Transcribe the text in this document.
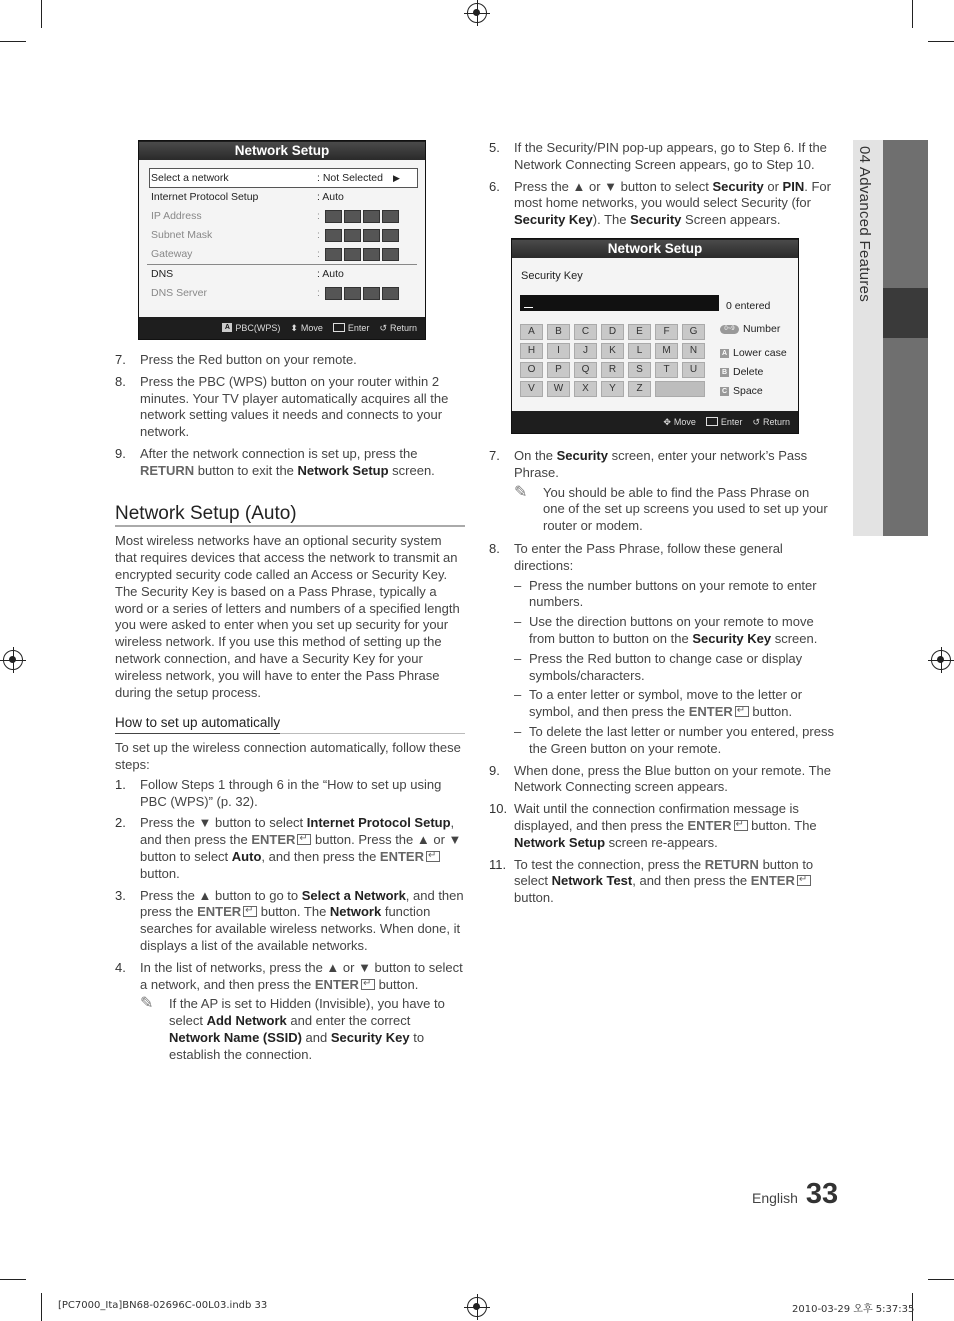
04 Advanced Features
Network Setup
Select a network	: Not Selected ▶
Internet Protocol Setup	: Auto
IP Address	:
Subnet Mask	:
Gateway	:
DNS	: Auto
DNS Server	:
A PBC(WPS) ⬍ Move	Enter ↺ Return
7. Press the Red button on your remote.
8. Press the PBC (WPS) button on your router within 2 minutes. Your TV player automatically acquires all the network setting values it needs and connects to your network.
9. After the network connection is set up, press the RETURN button to exit the Network Setup screen.
Network Setup (Auto)

Most wireless networks have an optional security system that requires devices that access the network to transmit an encrypted security code called an Access or Security Key. The Security Key is based on a Pass Phrase, typically a word or a series of letters and numbers of a specified length you were asked to enter when you set up security for your wireless network. If you use this method of setting up the network connection, and have a Security Key for your wireless network, you will have to enter the Pass Phrase during the setup process.

How to set up automatically

To set up the wireless connection automatically, follow these steps:

1. Follow Steps 1 through 6 in the “How to set up using PBC (WPS)” (p. 32).
2. Press the ▼ button to select Internet Protocol Setup, and then press the ENTER↵ button. Press the ▲ or ▼ button to select Auto, and then press the ENTER↵ button.
3. Press the ▲ button to go to Select a Network, and then press the ENTER↵ button. The Network function searches for available wireless networks. When done, it displays a list of the available networks.
4. In the list of networks, press the ▲ or ▼ button to select a network, and then press the ENTER↵ button.
✎ If the AP is set to Hidden (Invisible), you have to select Add Network and enter the correct Network Name (SSID) and Security Key to establish the connection.
5. If the Security/PIN pop-up appears, go to Step 6. If the Network Connecting Screen appears, go to Step 10.
6. Press the ▲ or ▼ button to select Security or PIN. For most home networks, you would select Security (for Security Key). The Security Screen appears.
Network Setup
Security Key
0 entered
A	B	C	D	E	F	G
H	I	J	K	L	M	N
O	P	Q	R	S	T	U
V	W	X	Y	Z
0~9 Number
A Lower case
B Delete
C Space
✥ Move	Enter ↺ Return
7. On the Security screen, enter your network’s Pass Phrase.
✎ You should be able to find the Pass Phrase on one of the set up screens you used to set up your router or modem.
8. To enter the Pass Phrase, follow these general directions:
– Press the number buttons on your remote to enter numbers.
– Use the direction buttons on your remote to move from button to button on the Security Key screen.
– Press the Red button to change case or display symbols/characters.
– To a enter letter or symbol, move to the letter or symbol, and then press the ENTER↵ button.
– To delete the last letter or number you entered, press the Green button on your remote.
9. When done, press the Blue button on your remote. The Network Connecting screen appears.
10. Wait until the connection confirmation message is displayed, and then press the ENTER↵ button. The Network Setup screen re-appears.
11. To test the connection, press the RETURN button to select Network Test, and then press the ENTER↵ button.
English 33
[PC7000_Ita]BN68-02696C-00L03.indb 33	2010-03-29 오후 5:37:35
